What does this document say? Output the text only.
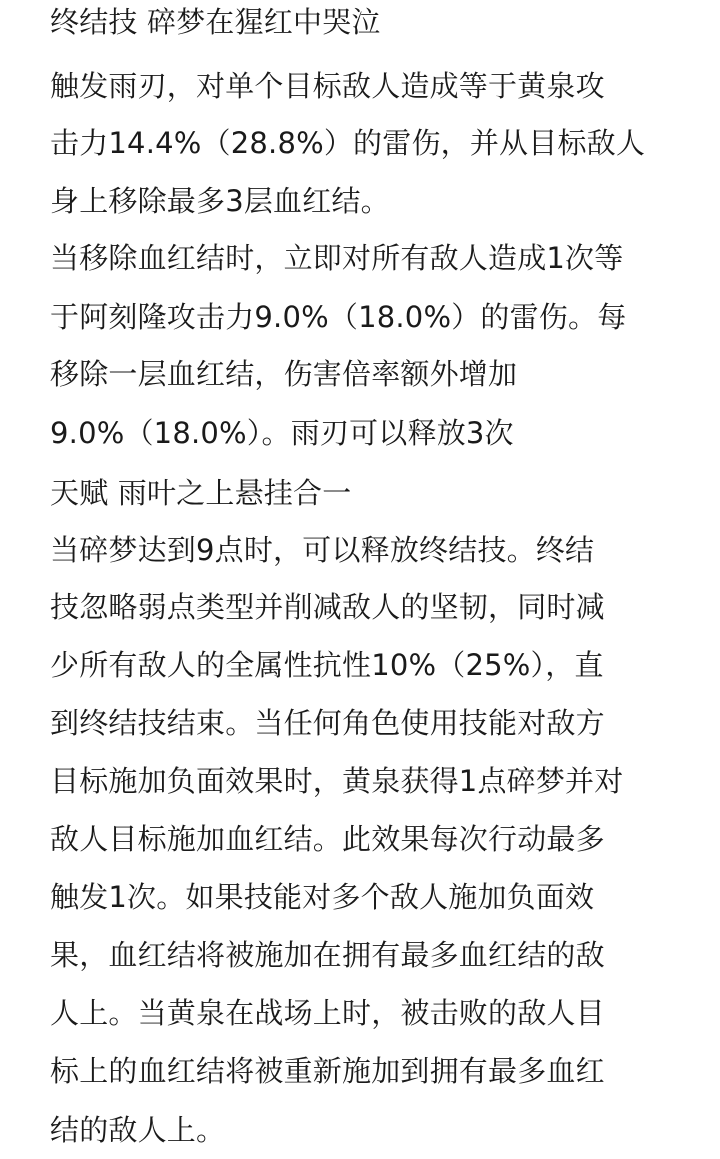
终结技 碎梦在猩红中哭泣
触发雨刃，对单个目标敌人造成等于黄泉攻
击力14.4%（28.8%）的雷伤，并从目标敌人
身上移除最多3层血红结。
当移除血红结时，立即对所有敌人造成1次等
于阿刻隆攻击力9.0%（18.0%）的雷伤。每
移除一层血红结，伤害倍率额外增加
9.0%（18.0%）。雨刃可以释放3次
天赋 雨叶之上悬挂合一
当碎梦达到9点时，可以释放终结技。终结
技忽略弱点类型并削减敌人的坚韧，同时减
少所有敌人的全属性抗性10%（25%），直
到终结技结束。当任何角色使用技能对敌方
目标施加负面效果时，黄泉获得1点碎梦并对
敌人目标施加血红结。此效果每次行动最多
触发1次。如果技能对多个敌人施加负面效
果，血红结将被施加在拥有最多血红结的敌
人上。当黄泉在战场上时，被击败的敌人目
标上的血红结将被重新施加到拥有最多血红
结的敌人上。
